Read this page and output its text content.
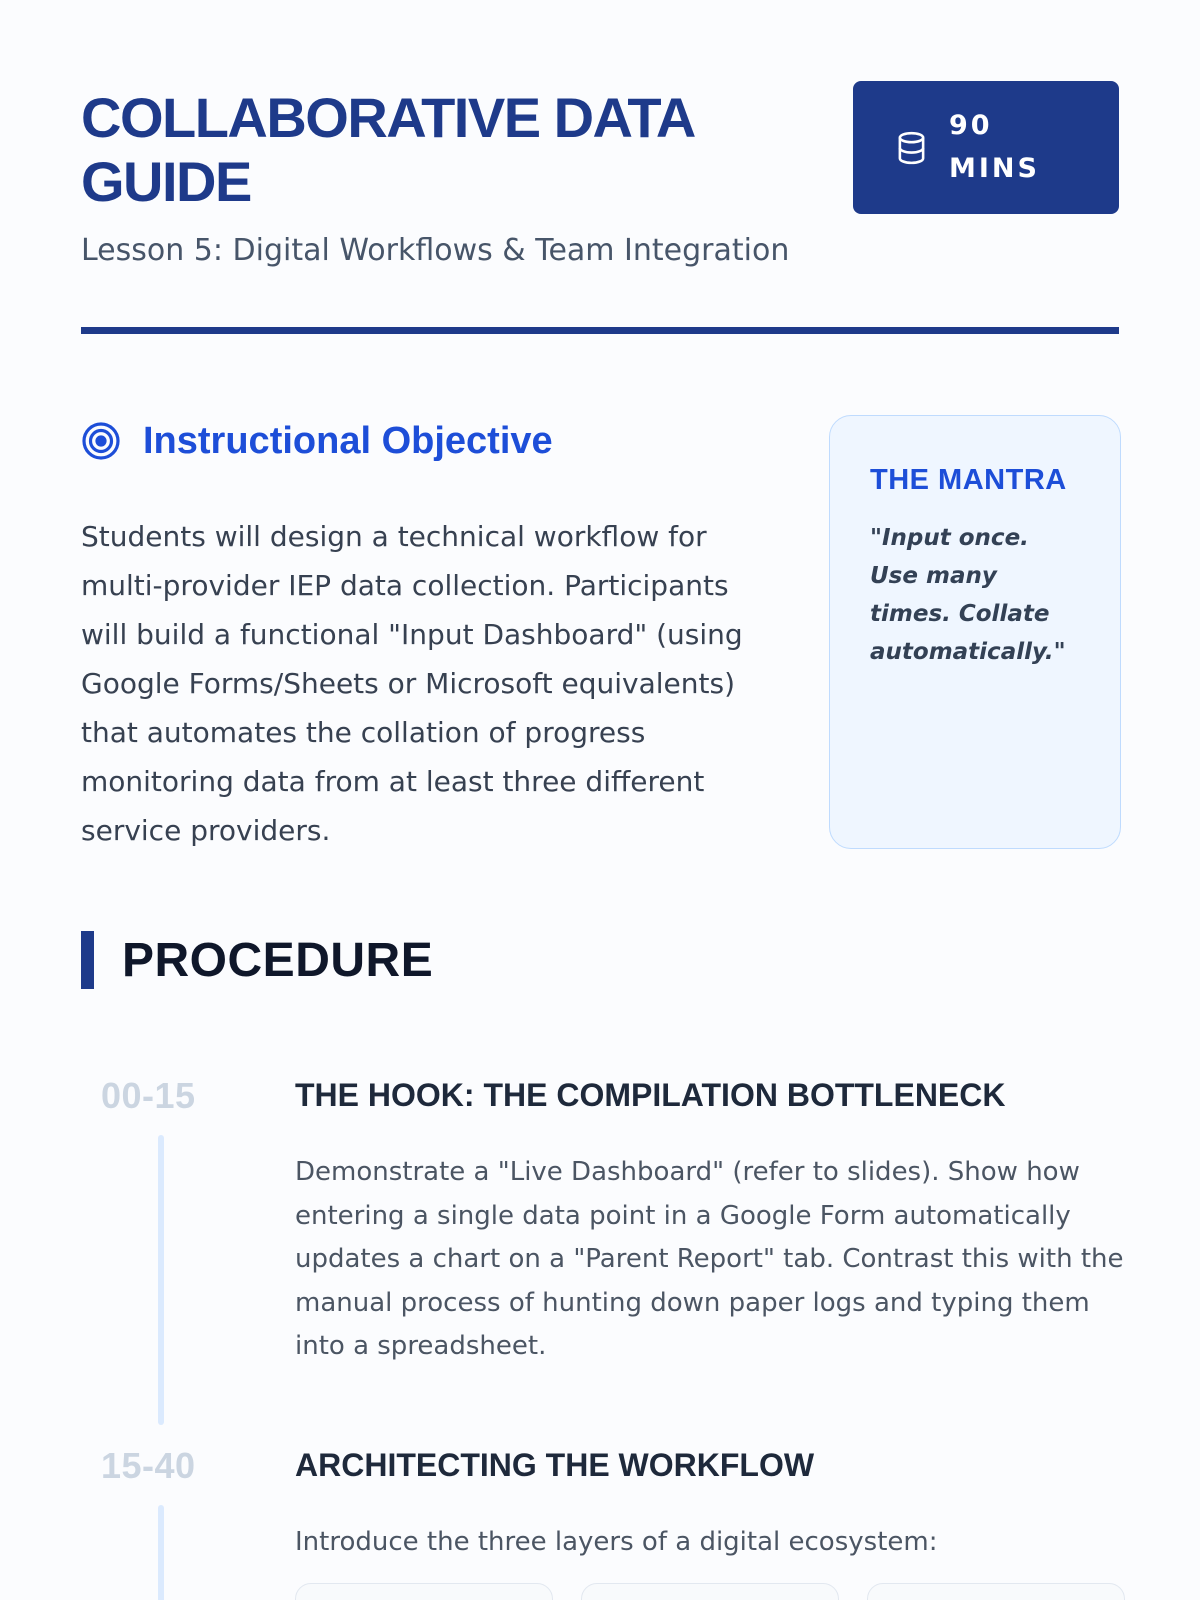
COLLABORATIVE DATA GUIDE
Lesson 5: Digital Workflows & Team Integration
90 MINS
Instructional Objective

Students will design a technical workflow for multi-provider IEP data collection. Participants will build a functional "Input Dashboard" (using Google Forms/Sheets or Microsoft equivalents) that automates the collation of progress monitoring data from at least three different service providers.

THE MANTRA
"Input once. Use many times. Collate automatically."
PROCEDURE
00-15	THE HOOK: THE COMPILATION BOTTLENECK

Demonstrate a "Live Dashboard" (refer to slides). Show how entering a single data point in a Google Form automatically updates a chart on a "Parent Report" tab. Contrast this with the manual process of hunting down paper logs and typing them into a spreadsheet.

15-40	ARCHITECTING THE WORKFLOW

Introduce the three layers of a digital ecosystem:
